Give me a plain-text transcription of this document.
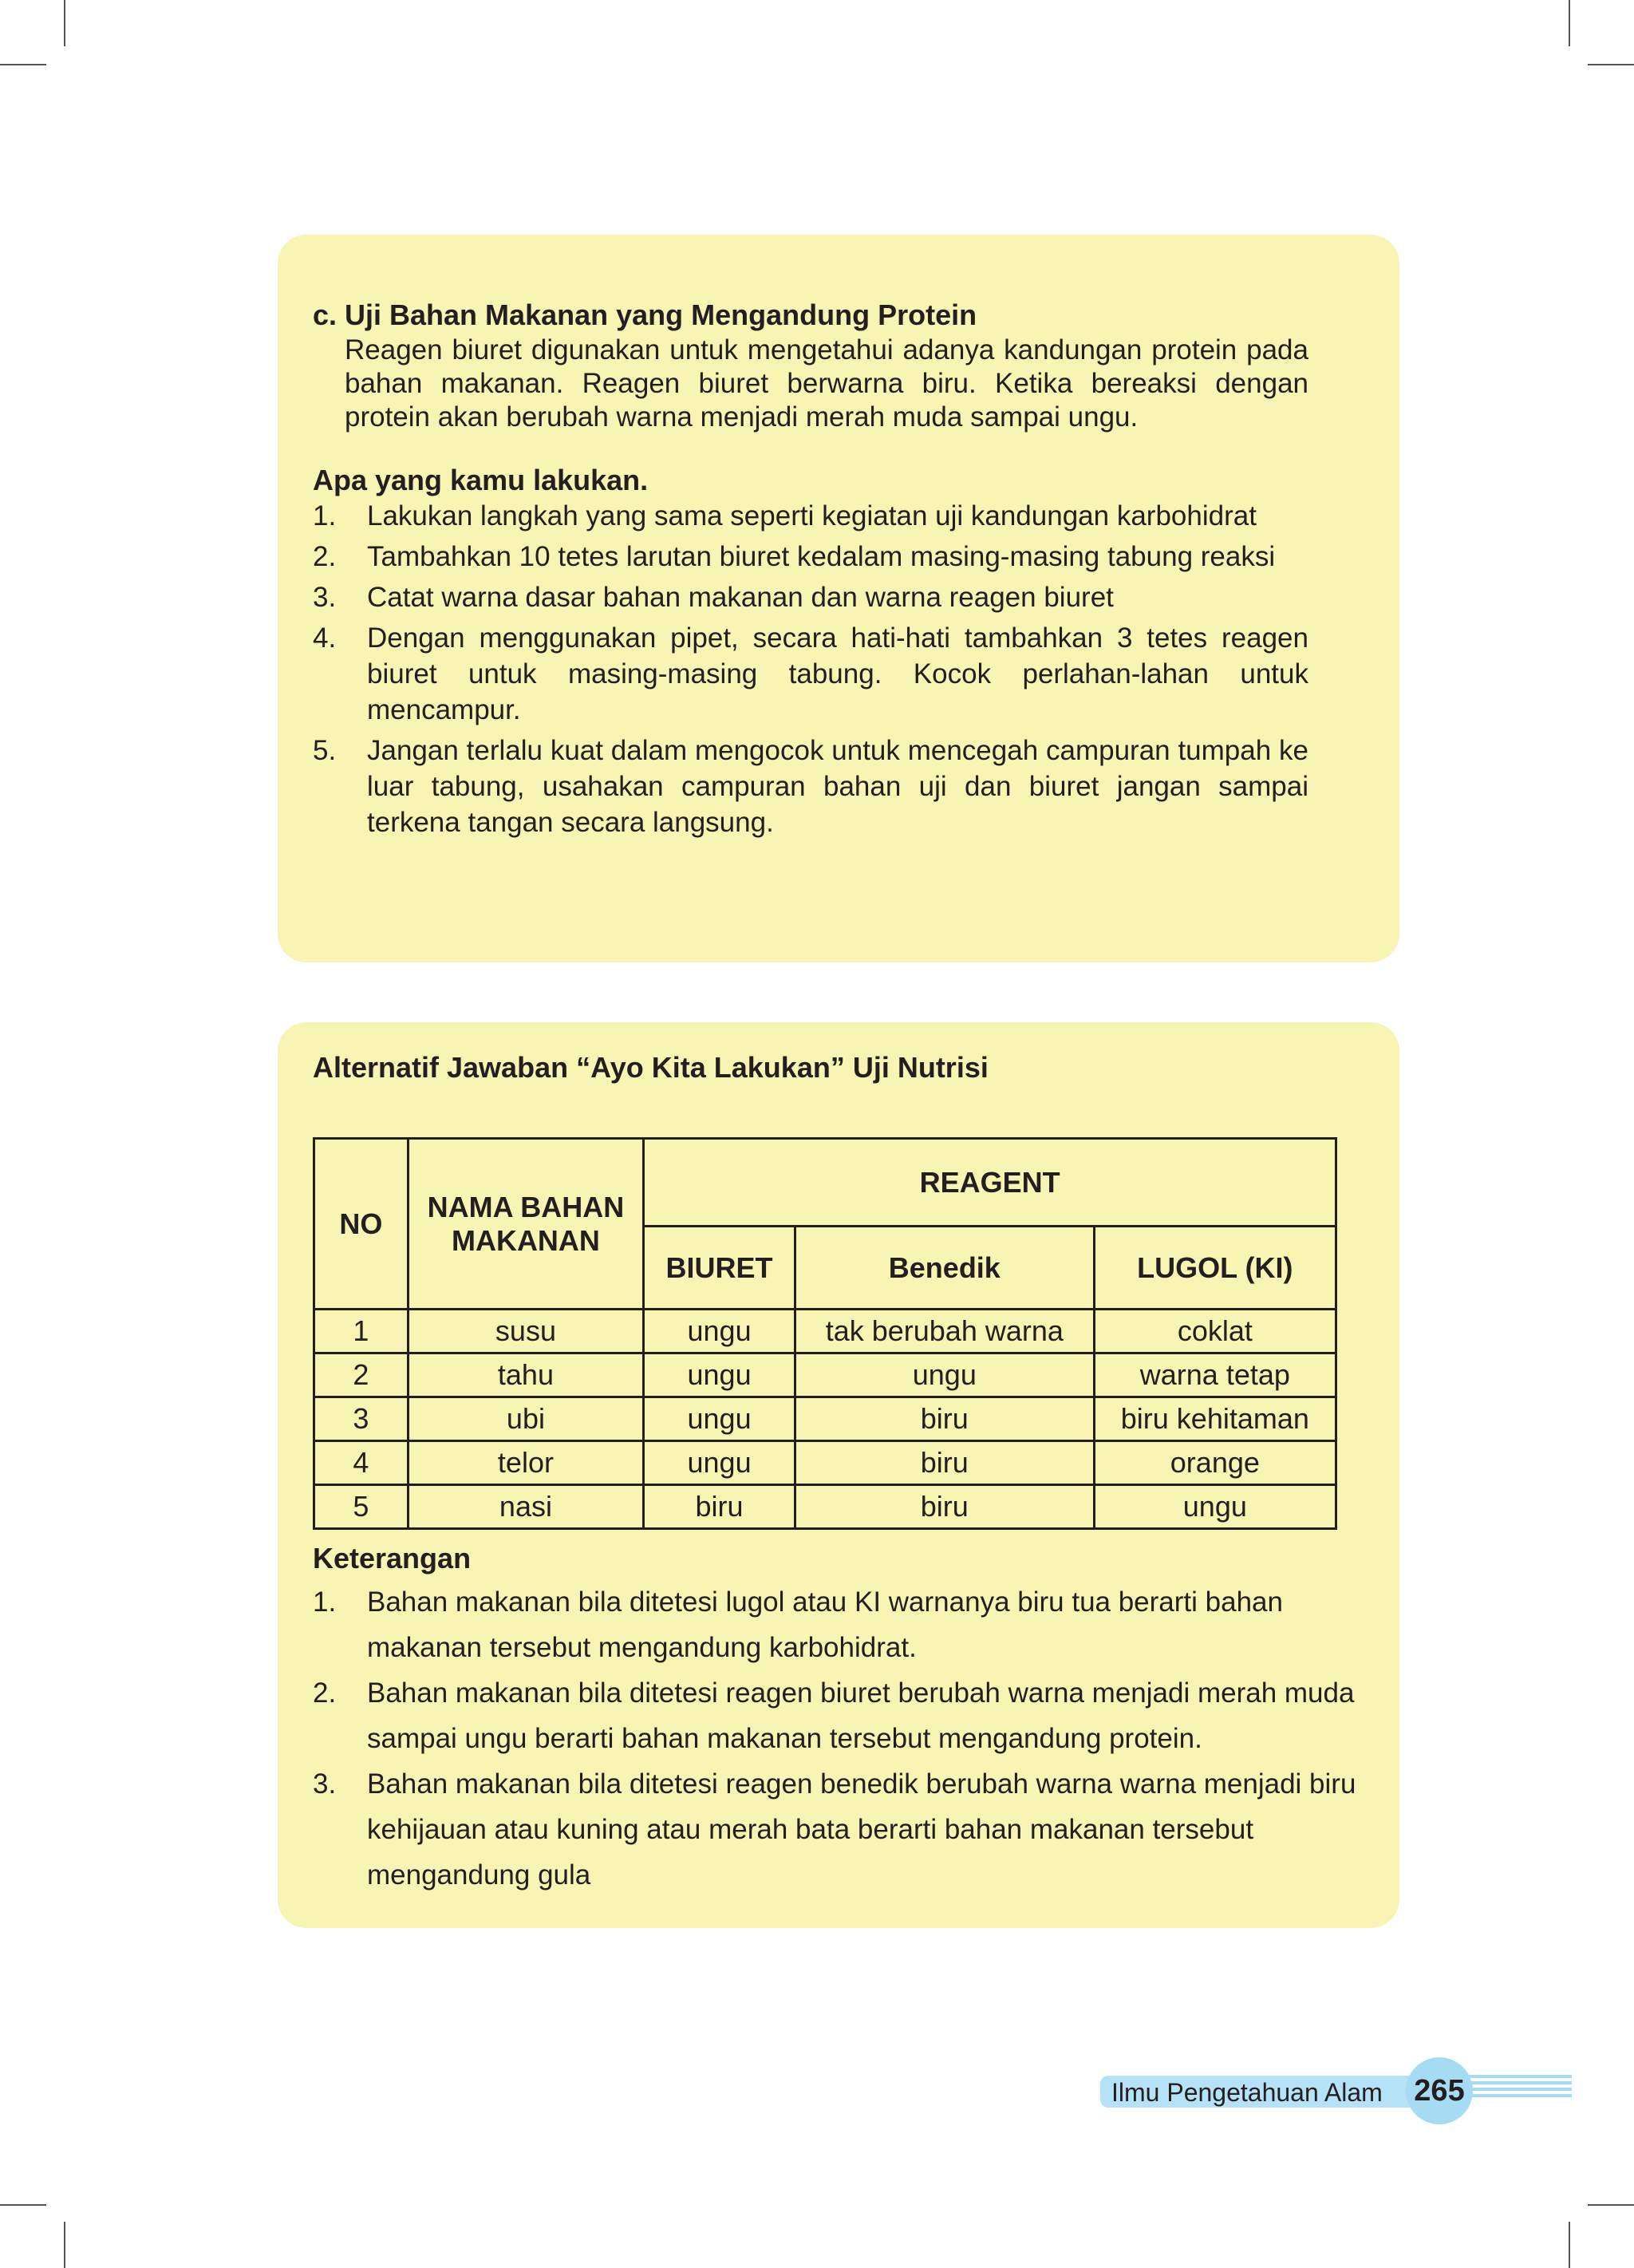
c. Uji Bahan Makanan yang Mengandung Protein
Reagen biuret digunakan untuk mengetahui adanya kandungan protein pada bahan makanan. Reagen biuret berwarna biru. Ketika bereaksi dengan protein akan berubah warna menjadi merah muda sampai ungu.
Apa yang kamu lakukan.
1. Lakukan langkah yang sama seperti kegiatan uji kandungan karbohidrat
2. Tambahkan 10 tetes larutan biuret kedalam masing-masing tabung reaksi
3. Catat warna dasar bahan makanan dan warna reagen biuret
4. Dengan menggunakan pipet, secara hati-hati tambahkan 3 tetes reagen biuret untuk masing-masing tabung. Kocok perlahan-lahan untuk mencampur.
5. Jangan terlalu kuat dalam mengocok untuk mencegah campuran tumpah ke luar tabung, usahakan campuran bahan uji dan biuret jangan sampai terkena tangan secara langsung.
Alternatif Jawaban “Ayo Kita Lakukan” Uji Nutrisi
NO	NAMA BAHAN MAKANAN	REAGENT		
		BIURET	Benedik	LUGOL (KI)
1	susu	ungu	tak berubah warna	coklat
2	tahu	ungu	ungu	warna tetap
3	ubi	ungu	biru	biru kehitaman
4	telor	ungu	biru	orange
5	nasi	biru	biru	ungu
Keterangan
1. Bahan makanan bila ditetesi lugol atau KI warnanya biru tua berarti bahan makanan tersebut mengandung karbohidrat.
2. Bahan makanan bila ditetesi reagen biuret berubah warna menjadi merah muda sampai ungu berarti bahan makanan tersebut mengandung protein.
3. Bahan makanan bila ditetesi reagen benedik berubah warna warna menjadi biru kehijauan atau kuning atau merah bata berarti bahan makanan tersebut mengandung gula
Ilmu Pengetahuan Alam 265
